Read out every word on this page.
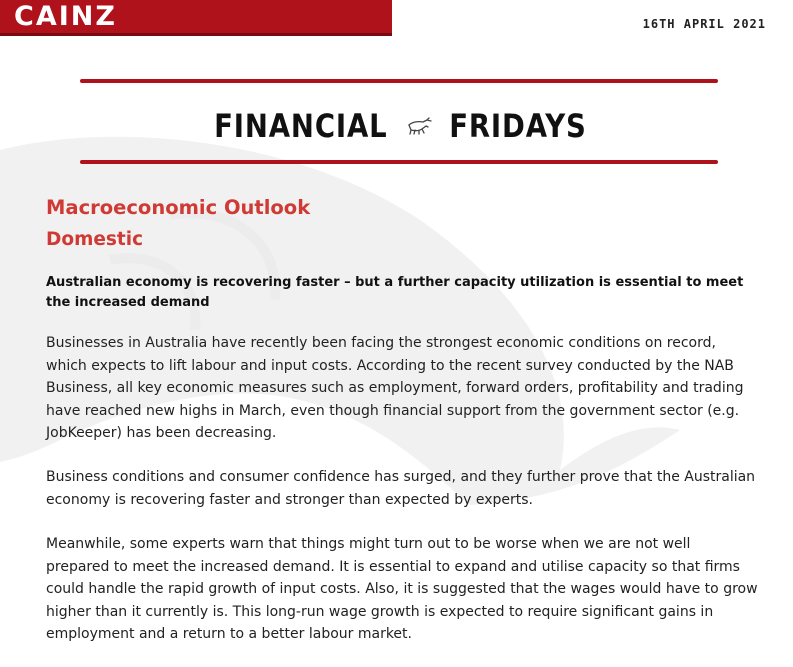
CAINZ	16TH APRIL 2021
FINANCIAL FRIDAYS
Macroeconomic Outlook
Domestic

Australian economy is recovering faster – but a further capacity utilization is essential to meet the increased demand

Businesses in Australia have recently been facing the strongest economic conditions on record, which expects to lift labour and input costs. According to the recent survey conducted by the NAB Business, all key economic measures such as employment, forward orders, profitability and trading have reached new highs in March, even though financial support from the government sector (e.g. JobKeeper) has been decreasing.

Business conditions and consumer confidence has surged, and they further prove that the Australian economy is recovering faster and stronger than expected by experts.

Meanwhile, some experts warn that things might turn out to be worse when we are not well prepared to meet the increased demand. It is essential to expand and utilise capacity so that firms could handle the rapid growth of input costs. Also, it is suggested that the wages would have to grow higher than it currently is. This long-run wage growth is expected to require significant gains in employment and a return to a better labour market.
